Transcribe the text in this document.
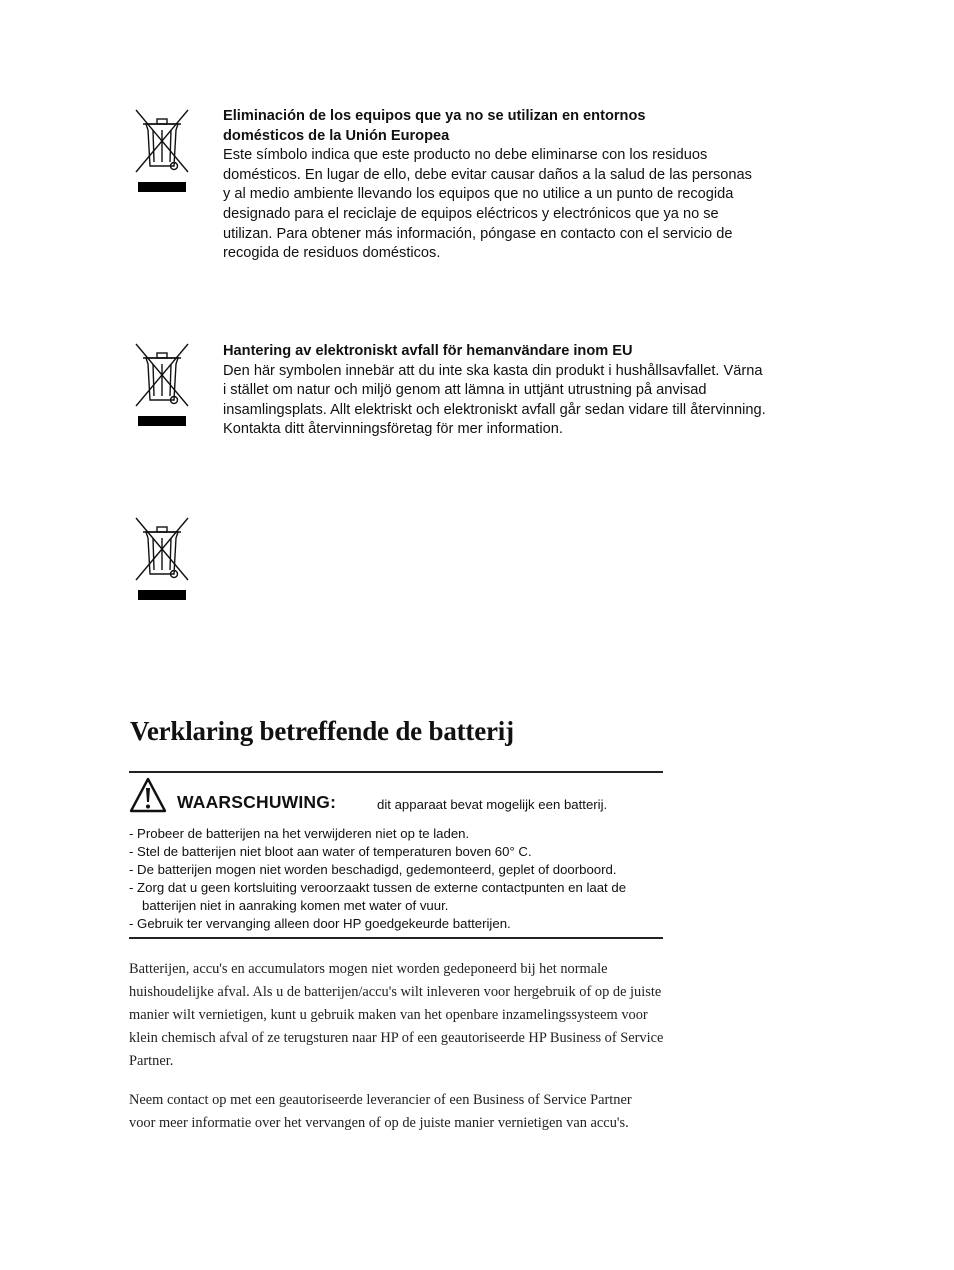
Eliminación de los equipos que ya no se utilizan en entornos
domésticos de la Unión Europea
Este símbolo indica que este producto no debe eliminarse con los residuos domésticos. En lugar de ello, debe evitar causar daños a la salud de las personas y al medio ambiente llevando los equipos que no utilice a un punto de recogida designado para el reciclaje de equipos eléctricos y electrónicos que ya no se utilizan. Para obtener más información, póngase en contacto con el servicio de recogida de residuos domésticos.
Hantering av elektroniskt avfall för hemanvändare inom EU
Den här symbolen innebär att du inte ska kasta din produkt i hushållsavfallet. Värna i stället om natur och miljö genom att lämna in uttjänt utrustning på anvisad insamlingsplats. Allt elektriskt och elektroniskt avfall går sedan vidare till återvinning. Kontakta ditt återvinningsföretag för mer information.
Verklaring betreffende de batterij
WAARSCHUWING:	dit apparaat bevat mogelijk een batterij.
- Probeer de batterijen na het verwijderen niet op te laden.
- Stel de batterijen niet bloot aan water of temperaturen boven 60° C.
- De batterijen mogen niet worden beschadigd, gedemonteerd, geplet of doorboord.
- Zorg dat u geen kortsluiting veroorzaakt tussen de externe contactpunten en laat de batterijen niet in aanraking komen met water of vuur.
- Gebruik ter vervanging alleen door HP goedgekeurde batterijen.

Batterijen, accu's en accumulators mogen niet worden gedeponeerd bij het normale huishoudelijke afval. Als u de batterijen/accu's wilt inleveren voor hergebruik of op de juiste manier wilt vernietigen, kunt u gebruik maken van het openbare inzamelingssysteem voor klein chemisch afval of ze terugsturen naar HP of een geautoriseerde HP Business of Service Partner.

Neem contact op met een geautoriseerde leverancier of een Business of Service Partner voor meer informatie over het vervangen of op de juiste manier vernietigen van accu's.
